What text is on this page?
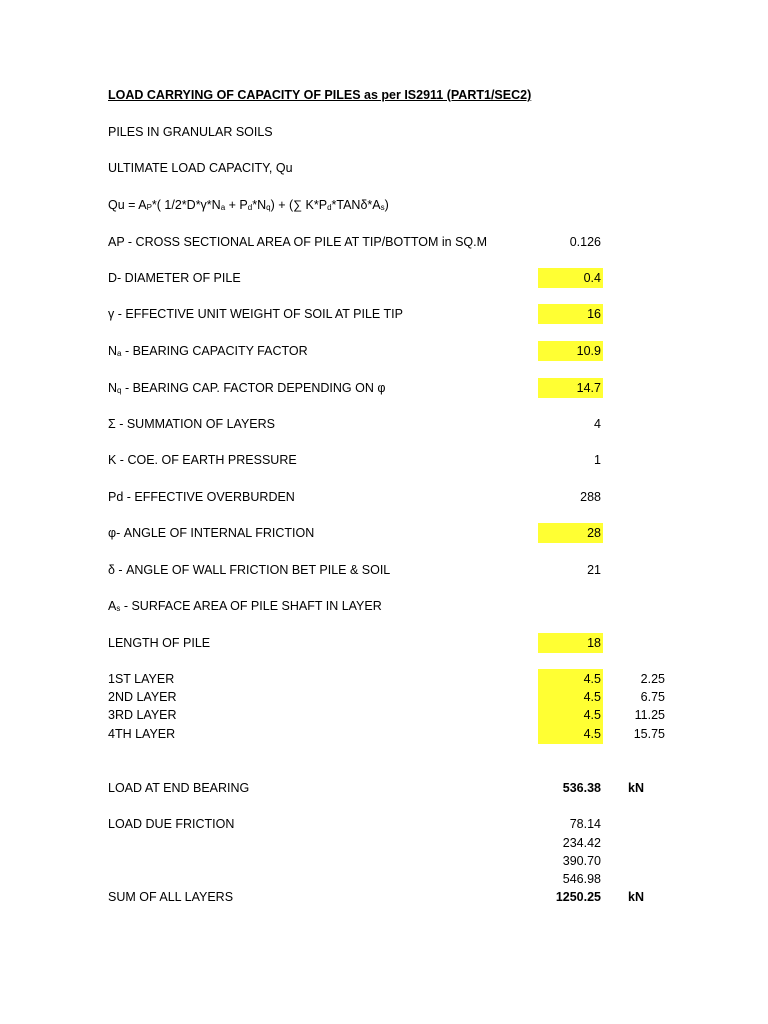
LOAD CARRYING OF CAPACITY OF PILES as per IS2911 (PART1/SEC2)
PILES IN GRANULAR SOILS
ULTIMATE LOAD CAPACITY, Qu
$Qu = A_P*$( $1/2*D*\gamma*N_a + P_d*N_q$) + (∑ $K*P_d*TAN\delta*A_s$)
AP - CROSS SECTIONAL AREA OF PILE AT TIP/BOTTOM in SQ.M	0.126
D- DIAMETER OF PILE	0.4
γ - EFFECTIVE UNIT WEIGHT OF SOIL AT PILE TIP	16
$N_a$ - BEARING CAPACITY FACTOR	10.9
$N_q$ - BEARING CAP. FACTOR DEPENDING ON φ	14.7
Σ - SUMMATION OF LAYERS	4
K - COE. OF EARTH PRESSURE	1
Pd - EFFECTIVE OVERBURDEN	288
φ- ANGLE OF INTERNAL FRICTION	28
δ - ANGLE OF WALL FRICTION BET PILE & SOIL	21
$A_s$ - SURFACE AREA OF PILE SHAFT IN LAYER
LENGTH OF PILE	18
1ST LAYER	4.5	2.25
2ND LAYER	4.5	6.75
3RD LAYER	4.5	11.25
4TH LAYER	4.5	15.75
LOAD AT END BEARING	536.38 kN
LOAD DUE FRICTION	78.14
234.42
390.70
546.98
SUM OF ALL LAYERS	1250.25 kN
